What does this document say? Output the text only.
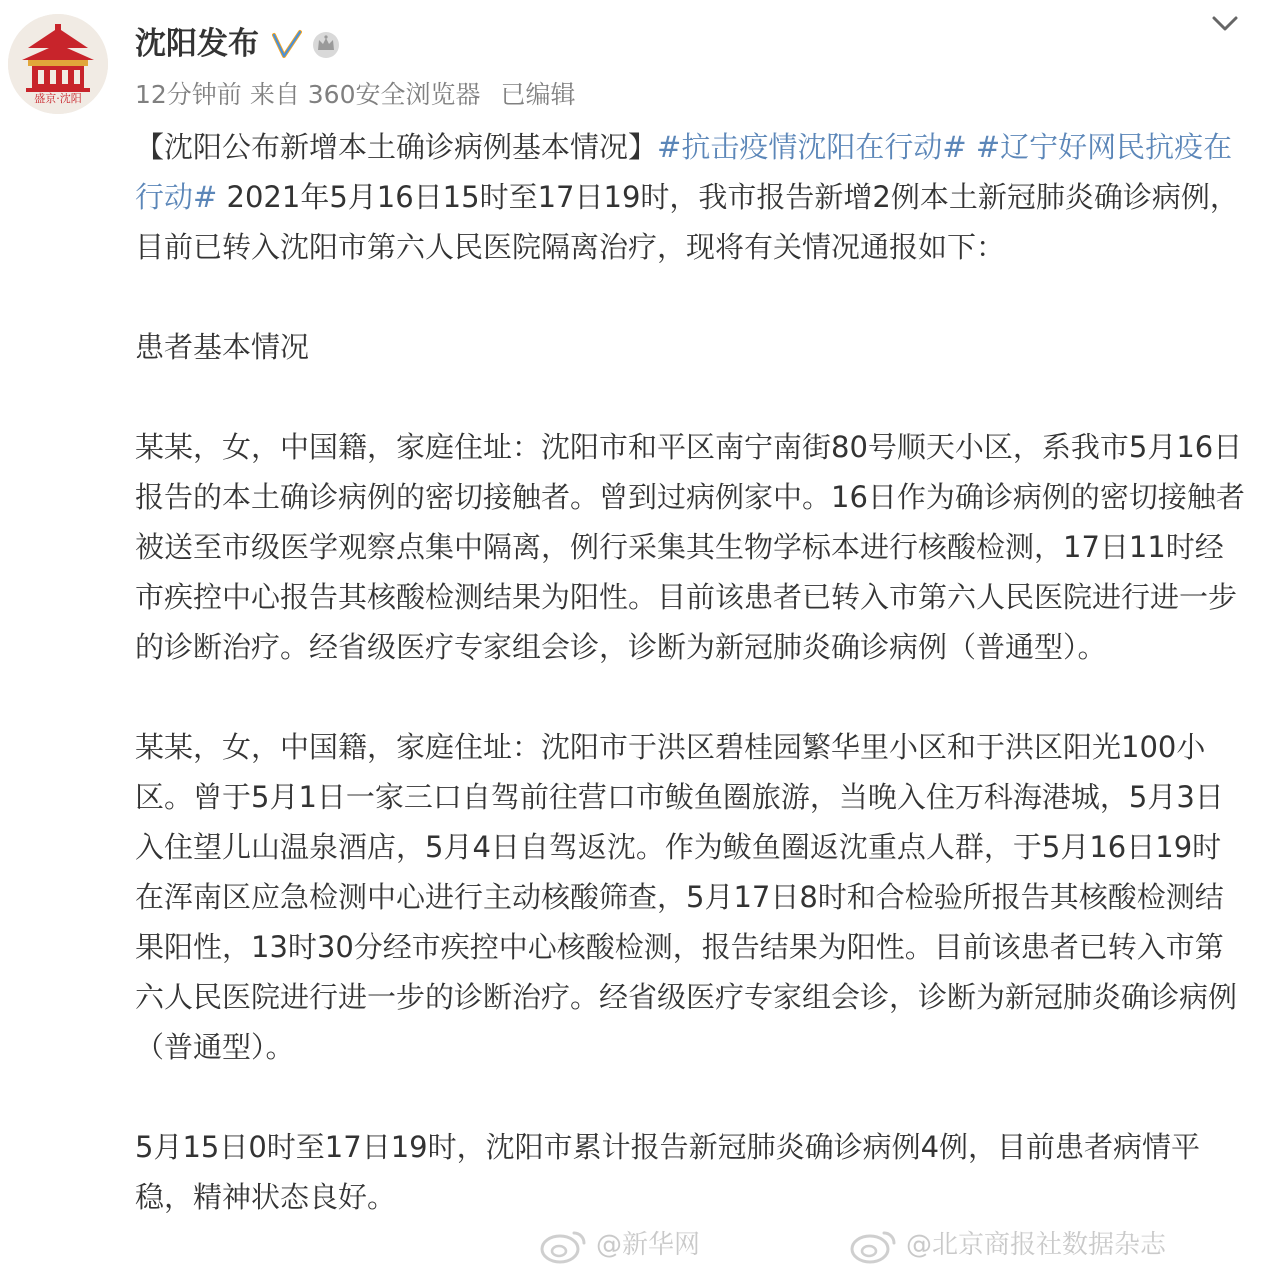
盛京·沈阳
沈阳发布
12分钟前 来自 360安全浏览器 已编辑

【沈阳公布新增本土确诊病例基本情况】#抗击疫情沈阳在行动# #辽宁好网民抗疫在行动# 2021年5月16日15时至17日19时，我市报告新增2例本土新冠肺炎确诊病例，目前已转入沈阳市第六人民医院隔离治疗，现将有关情况通报如下：

患者基本情况

某某，女，中国籍，家庭住址：沈阳市和平区南宁南街80号顺天小区，系我市5月16日报告的本土确诊病例的密切接触者。曾到过病例家中。16日作为确诊病例的密切接触者被送至市级医学观察点集中隔离，例行采集其生物学标本进行核酸检测，17日11时经市疾控中心报告其核酸检测结果为阳性。目前该患者已转入市第六人民医院进行进一步的诊断治疗。经省级医疗专家组会诊，诊断为新冠肺炎确诊病例（普通型）。

某某，女，中国籍，家庭住址：沈阳市于洪区碧桂园繁华里小区和于洪区阳光100小区。曾于5月1日一家三口自驾前往营口市鲅鱼圈旅游，当晚入住万科海港城，5月3日入住望儿山温泉酒店，5月4日自驾返沈。作为鲅鱼圈返沈重点人群，于5月16日19时在浑南区应急检测中心进行主动核酸筛查，5月17日8时和合检验所报告其核酸检测结果阳性，13时30分经市疾控中心核酸检测，报告结果为阳性。目前该患者已转入市第六人民医院进行进一步的诊断治疗。经省级医疗专家组会诊，诊断为新冠肺炎确诊病例（普通型）。

5月15日0时至17日19时，沈阳市累计报告新冠肺炎确诊病例4例，目前患者病情平稳，精神状态良好。

@新华网	@北京商报社数据杂志
